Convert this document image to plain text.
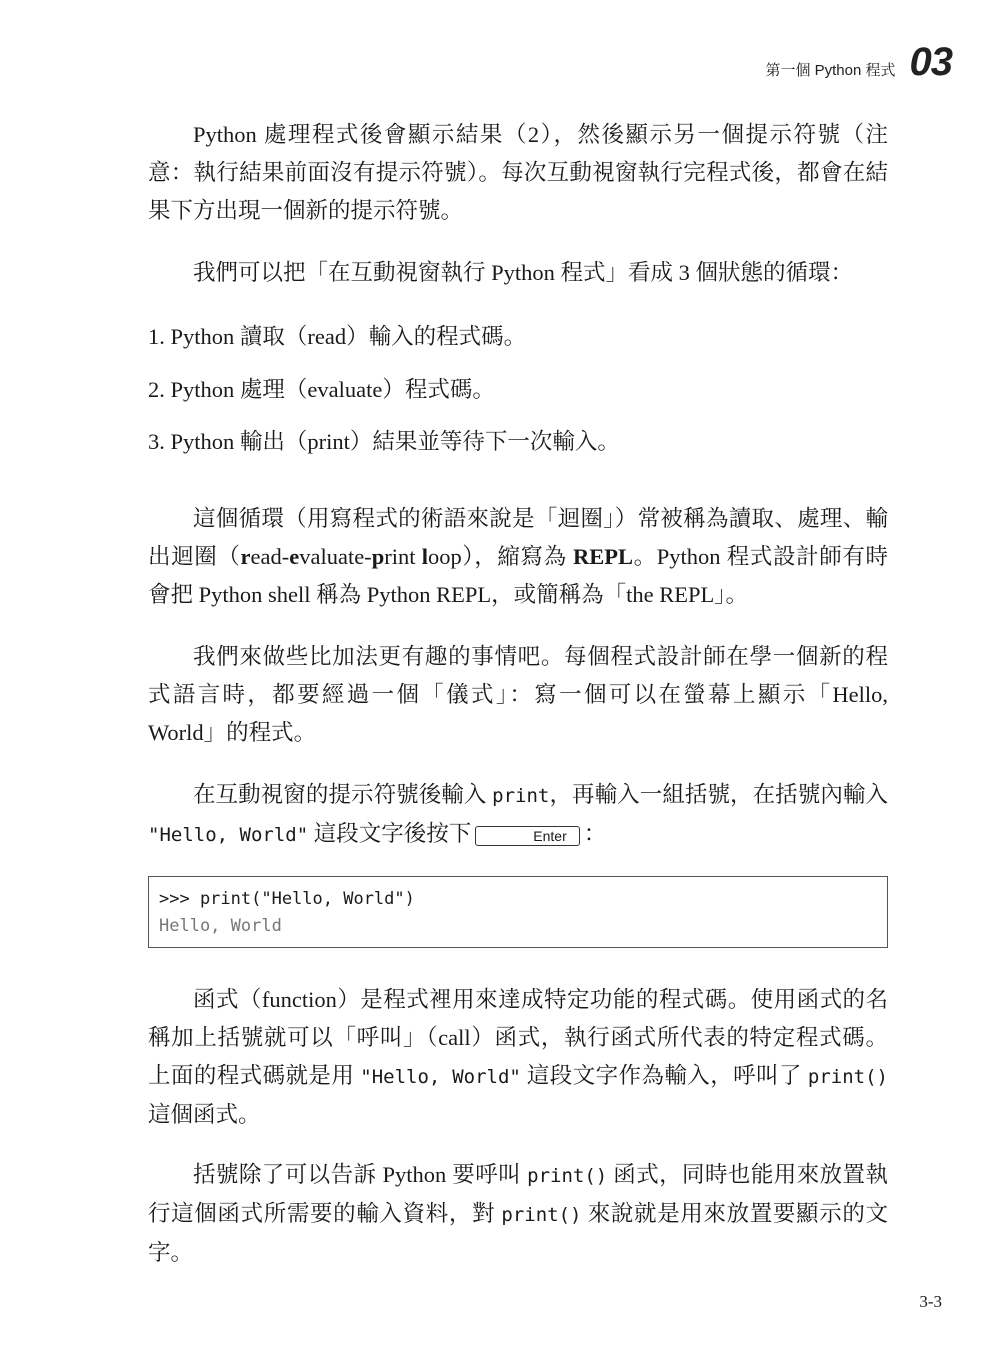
第一個 Python 程式 03

Python 處理程式後會顯示結果（2），然後顯示另一個提示符號（注意：執行結果前面沒有提示符號）。每次互動視窗執行完程式後，都會在結果下方出現一個新的提示符號。

我們可以把「在互動視窗執行 Python 程式」看成 3 個狀態的循環：

1. Python 讀取（read）輸入的程式碼。
2. Python 處理（evaluate）程式碼。
3. Python 輸出（print）結果並等待下一次輸入。

這個循環（用寫程式的術語來說是「迴圈」）常被稱為讀取、處理、輸出迴圈（read-evaluate-print loop），縮寫為 REPL。Python 程式設計師有時會把 Python shell 稱為 Python REPL，或簡稱為「the REPL」。

我們來做些比加法更有趣的事情吧。每個程式設計師在學一個新的程式語言時，都要經過一個「儀式」：寫一個可以在螢幕上顯示「Hello, World」的程式。

在互動視窗的提示符號後輸入 print，再輸入一組括號，在括號內輸入 "Hello, World" 這段文字後按下	Enter ：

>>> print("Hello, World")
Hello, World

函式（function）是程式裡用來達成特定功能的程式碼。使用函式的名稱加上括號就可以「呼叫」（call）函式，執行函式所代表的特定程式碼。上面的程式碼就是用 "Hello, World" 這段文字作為輸入，呼叫了 print() 這個函式。

括號除了可以告訴 Python 要呼叫 print() 函式，同時也能用來放置執行這個函式所需要的輸入資料，對 print() 來說就是用來放置要顯示的文字。

3-3
